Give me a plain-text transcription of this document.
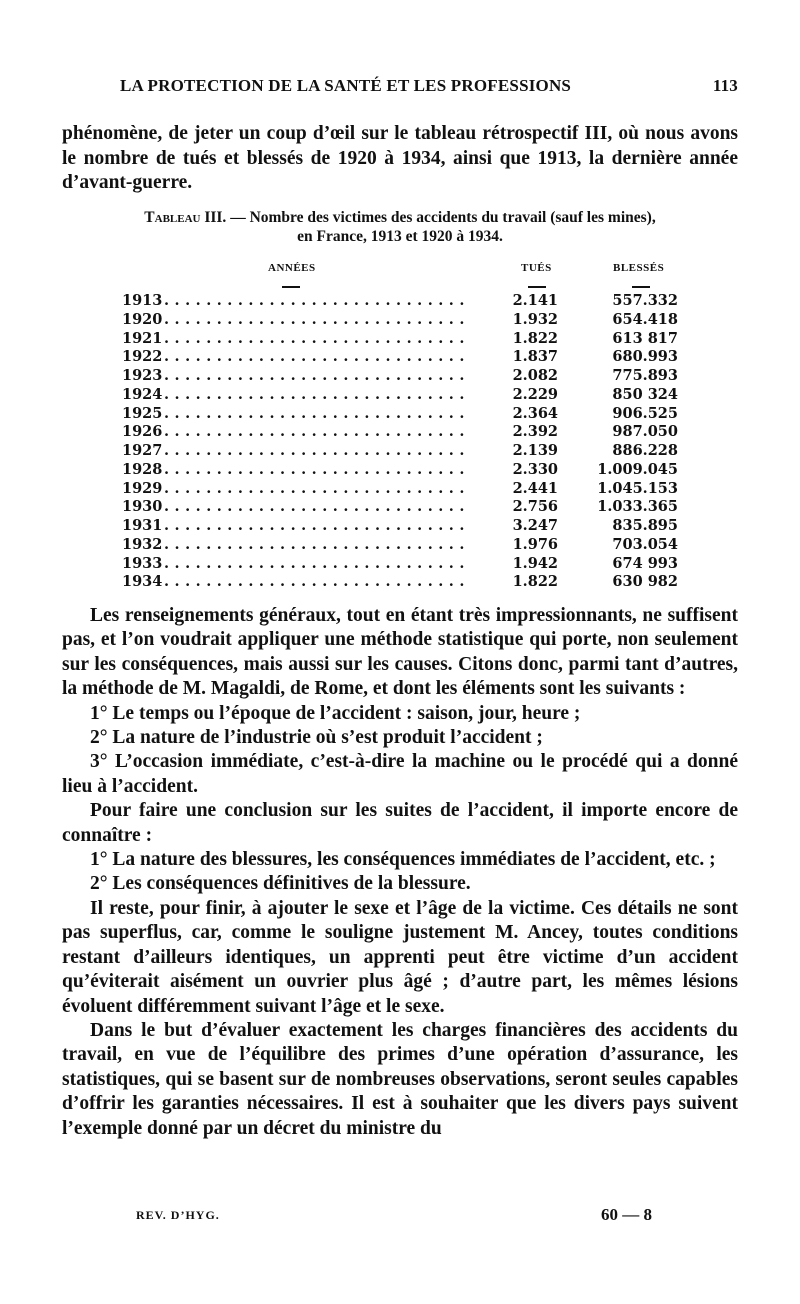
LA PROTECTION DE LA SANTÉ ET LES PROFESSIONS	113
phénomène, de jeter un coup d’œil sur le tableau rétrospectif III, où nous avons le nombre de tués et blessés de 1920 à 1934, ainsi que 1913, la dernière année d’avant-guerre.
Tableau III. — Nombre des victimes des accidents du travail (sauf les mines),
en France, 1913 et 1920 à 1934.
ANNÉES	TUÉS	BLESSÉS
1913 .............................	2.141	557.332
1920 .............................	1.932	654.418
1921 .............................	1.822	613 817
1922 .............................	1.837	680.993
1923 .............................	2.082	775.893
1924 .............................	2.229	850 324
1925 .............................	2.364	906.525
1926 .............................	2.392	987.050
1927 .............................	2.139	886.228
1928 .............................	2.330	1.009.045
1929 .............................	2.441	1.045.153
1930 .............................	2.756	1.033.365
1931 .............................	3.247	835.895
1932 .............................	1.976	703.054
1933 .............................	1.942	674 993
1934 .............................	1.822	630 982

Les renseignements généraux, tout en étant très impressionnants, ne suffisent pas, et l’on voudrait appliquer une méthode statistique qui porte, non seulement sur les conséquences, mais aussi sur les causes. Citons donc, parmi tant d’autres, la méthode de M. Magaldi, de Rome, et dont les éléments sont les suivants :

1° Le temps ou l’époque de l’accident : saison, jour, heure ;

2° La nature de l’industrie où s’est produit l’accident ;

3° L’occasion immédiate, c’est-à-dire la machine ou le procédé qui a donné lieu à l’accident.

Pour faire une conclusion sur les suites de l’accident, il importe encore de connaître :

1° La nature des blessures, les conséquences immédiates de l’accident, etc. ;

2° Les conséquences définitives de la blessure.

Il reste, pour finir, à ajouter le sexe et l’âge de la victime. Ces détails ne sont pas superflus, car, comme le souligne justement M. Ancey, toutes conditions restant d’ailleurs identiques, un apprenti peut être victime d’un accident qu’éviterait aisément un ouvrier plus âgé ; d’autre part, les mêmes lésions évoluent différemment suivant l’âge et le sexe.

Dans le but d’évaluer exactement les charges financières des accidents du travail, en vue de l’équilibre des primes d’une opération d’assurance, les statistiques, qui se basent sur de nombreuses observations, seront seules capables d’offrir les garanties nécessaires. Il est à souhaiter que les divers pays suivent l’exemple donné par un décret du ministre du

REV. D’HYG.	60 — 8
